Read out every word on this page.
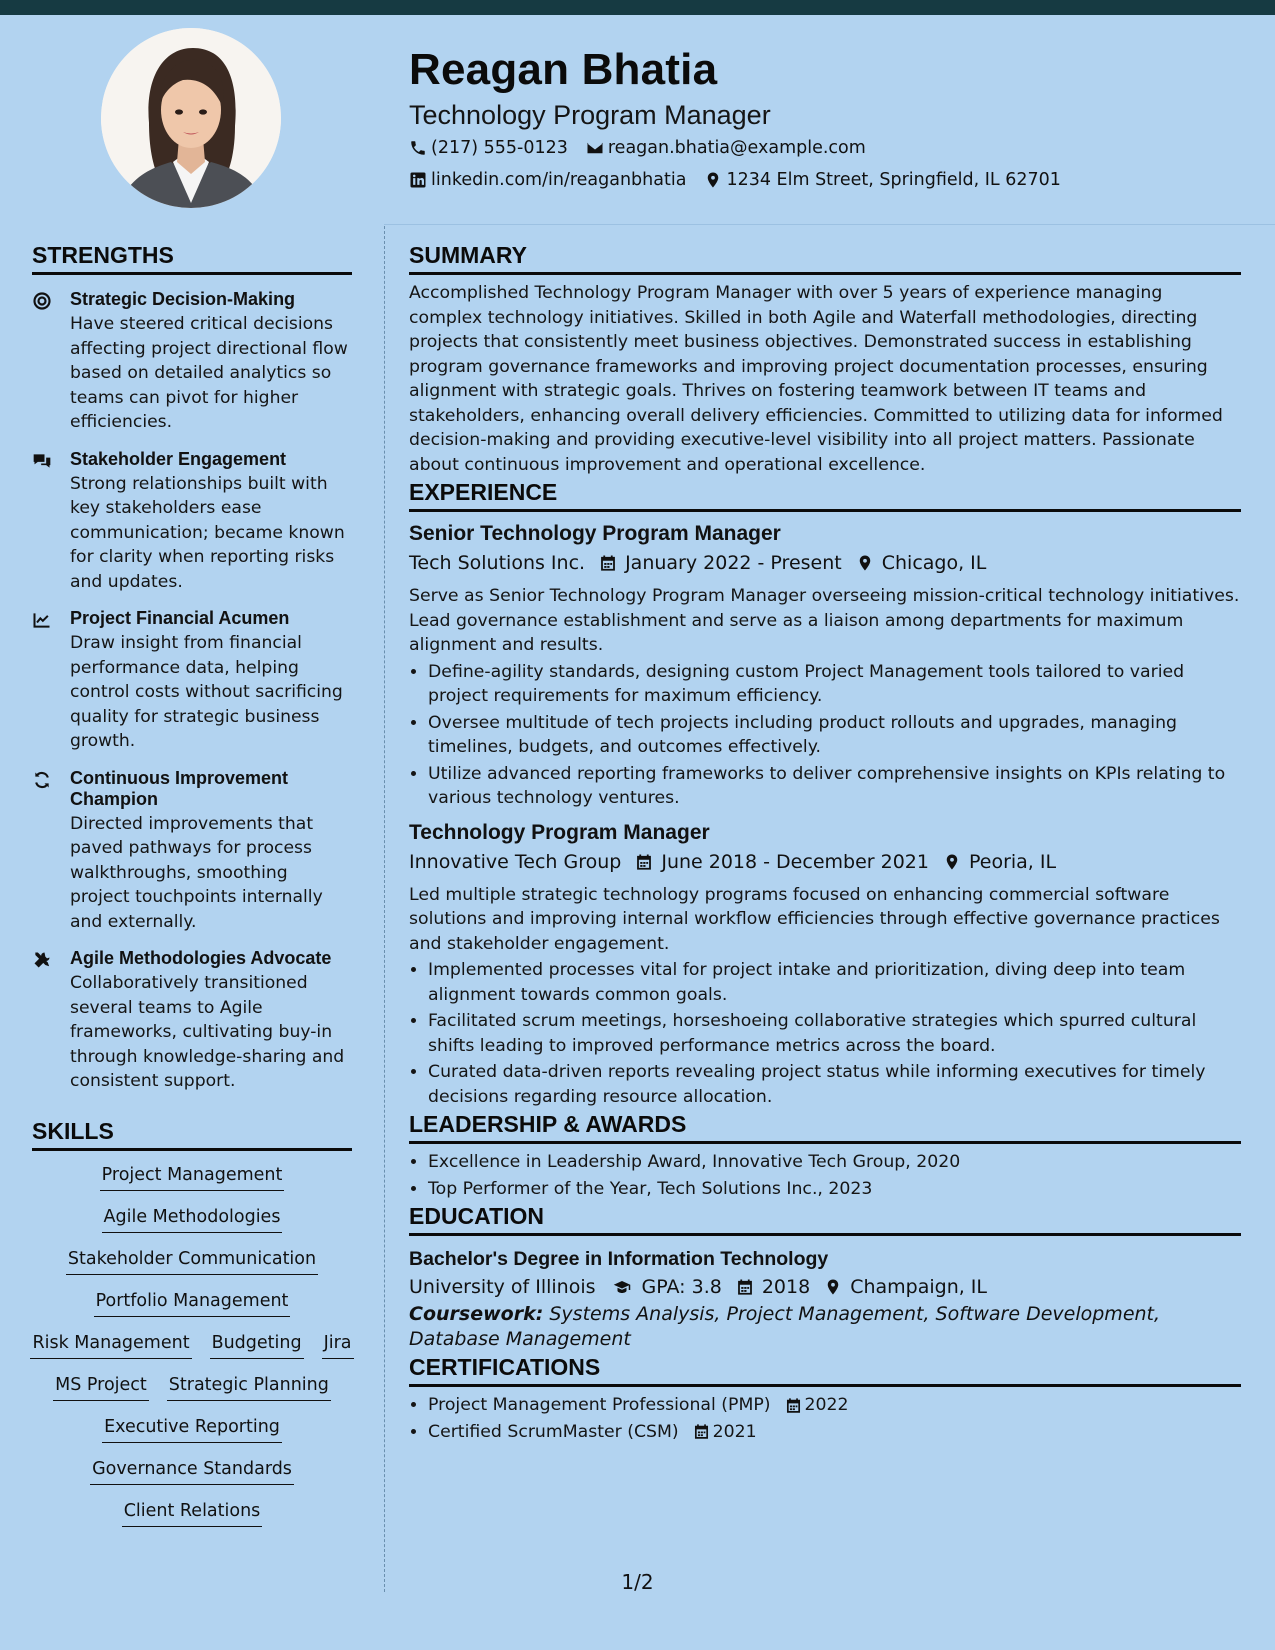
Reagan Bhatia
Technology Program Manager
(217) 555-0123 reagan.bhatia@example.com
linkedin.com/in/reaganbhatia 1234 Elm Street, Springfield, IL 62701
STRENGTHS
Strategic Decision-Making
Have steered critical decisions affecting project directional flow based on detailed analytics so teams can pivot for higher efficiencies.
Stakeholder Engagement
Strong relationships built with key stakeholders ease communication; became known for clarity when reporting risks and updates.
Project Financial Acumen
Draw insight from financial performance data, helping control costs without sacrificing quality for strategic business growth.
Continuous Improvement Champion
Directed improvements that paved pathways for process walkthroughs, smoothing project touchpoints internally and externally.
Agile Methodologies Advocate
Collaboratively transitioned several teams to Agile frameworks, cultivating buy-in through knowledge-sharing and consistent support.
SKILLS
Project Management
Agile Methodologies
Stakeholder Communication
Portfolio Management
Risk Management Budgeting Jira
MS Project Strategic Planning
Executive Reporting
Governance Standards
Client Relations
SUMMARY
Accomplished Technology Program Manager with over 5 years of experience managing complex technology initiatives. Skilled in both Agile and Waterfall methodologies, directing projects that consistently meet business objectives. Demonstrated success in establishing program governance frameworks and improving project documentation processes, ensuring alignment with strategic goals. Thrives on fostering teamwork between IT teams and stakeholders, enhancing overall delivery efficiencies. Committed to utilizing data for informed decision-making and providing executive-level visibility into all project matters. Passionate about continuous improvement and operational excellence.
EXPERIENCE
Senior Technology Program Manager
Tech Solutions Inc. January 2022 - Present Chicago, IL
Serve as Senior Technology Program Manager overseeing mission-critical technology initiatives. Lead governance establishment and serve as a liaison among departments for maximum alignment and results.
• Define-agility standards, designing custom Project Management tools tailored to varied project requirements for maximum efficiency.
• Oversee multitude of tech projects including product rollouts and upgrades, managing timelines, budgets, and outcomes effectively.
• Utilize advanced reporting frameworks to deliver comprehensive insights on KPIs relating to various technology ventures.
Technology Program Manager
Innovative Tech Group June 2018 - December 2021 Peoria, IL
Led multiple strategic technology programs focused on enhancing commercial software solutions and improving internal workflow efficiencies through effective governance practices and stakeholder engagement.
• Implemented processes vital for project intake and prioritization, diving deep into team alignment towards common goals.
• Facilitated scrum meetings, horseshoeing collaborative strategies which spurred cultural shifts leading to improved performance metrics across the board.
• Curated data-driven reports revealing project status while informing executives for timely decisions regarding resource allocation.
LEADERSHIP & AWARDS
• Excellence in Leadership Award, Innovative Tech Group, 2020
• Top Performer of the Year, Tech Solutions Inc., 2023
EDUCATION
Bachelor's Degree in Information Technology
University of Illinois GPA: 3.8 2018 Champaign, IL
Coursework: Systems Analysis, Project Management, Software Development, Database Management
CERTIFICATIONS
• Project Management Professional (PMP) 2022
• Certified ScrumMaster (CSM) 2021
1/2
